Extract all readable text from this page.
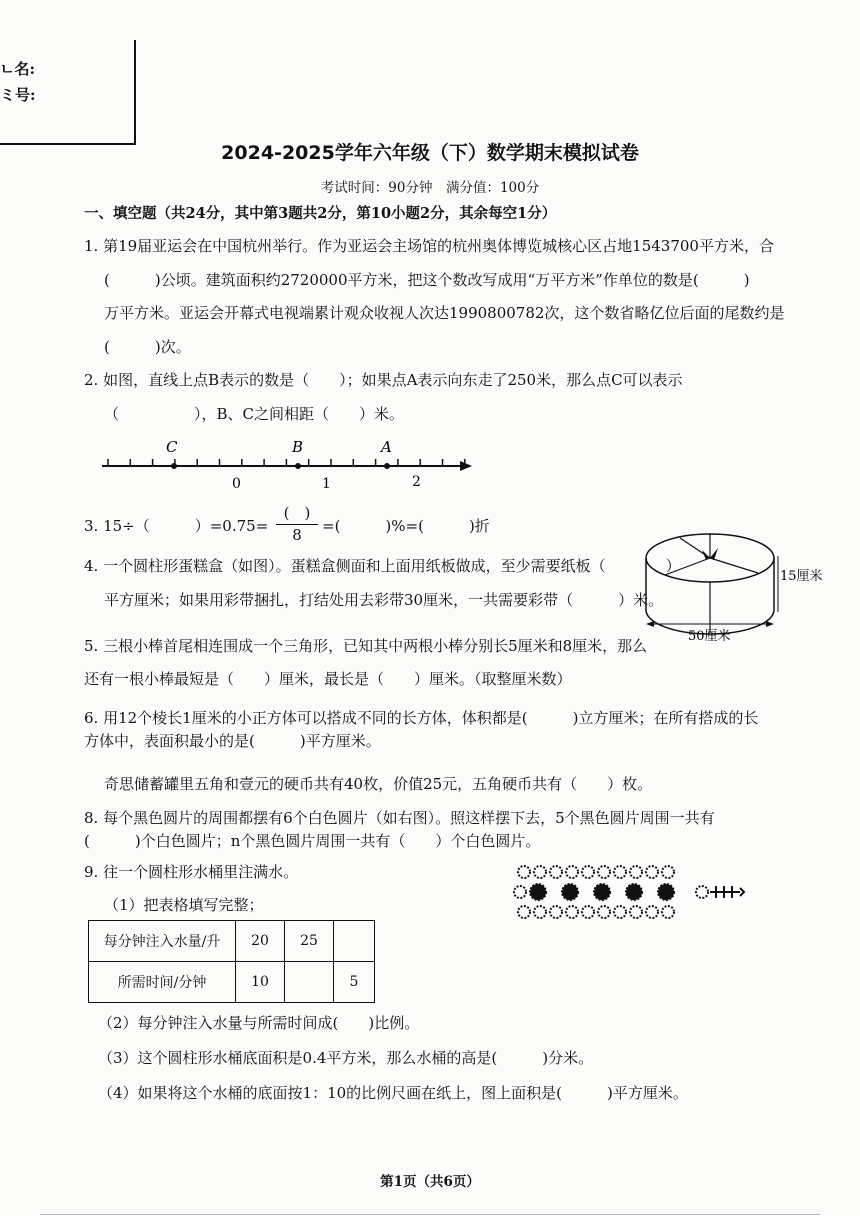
ㄴ名:
ミ号:
2024-2025学年六年级（下）数学期末模拟试卷
考试时间：90分钟　满分值：100分
一、填空题（共24分，其中第3题共2分，第10小题2分，其余每空1分）
1. 第19届亚运会在中国杭州举行。作为亚运会主场馆的杭州奥体博览城核心区占地1543700平方米，合
(　　　)公顷。建筑面积约2720000平方米，把这个数改写成用“万平方米”作单位的数是(　　　)
万平方米。亚运会开幕式电视端累计观众收视人次达1990800782次，这个数省略亿位后面的尾数约是
(　　　)次。
2. 如图，直线上点B表示的数是（　　）；如果点A表示向东走了250米，那么点C可以表示
（　　　　　），B、C之间相距（　　）米。
C	B	A
0	1	2
3. 15÷（　　　）=0.75=
(　)
8	=(　　　)%=(　　　)折
4. 一个圆柱形蛋糕盒（如图）。蛋糕盒侧面和上面用纸板做成，至少需要纸板（　　　　）
平方厘米；如果用彩带捆扎，打结处用去彩带30厘米，一共需要彩带（　　　）米。
15厘米
50厘米
5. 三根小棒首尾相连围成一个三角形，已知其中两根小棒分别长5厘米和8厘米，那么
还有一根小棒最短是（　　）厘米，最长是（　　）厘米。（取整厘米数）
6. 用12个棱长1厘米的小正方体可以搭成不同的长方体，体积都是(　　　)立方厘米；在所有搭成的长
方体中，表面积最小的是(　　　)平方厘米。
奇思储蓄罐里五角和壹元的硬币共有40枚，价值25元，五角硬币共有（　　）枚。
8. 每个黑色圆片的周围都摆有6个白色圆片（如右图）。照这样摆下去，5个黑色圆片周围一共有
(　　　)个白色圆片；n个黑色圆片周围一共有（　　）个白色圆片。
9. 往一个圆柱形水桶里注满水。
（1）把表格填写完整；
每分钟注入水量/升	20	25	
所需时间/分钟	10		5
（2）每分钟注入水量与所需时间成(　　)比例。
（3）这个圆柱形水桶底面积是0.4平方米，那么水桶的高是(　　　)分米。
（4）如果将这个水桶的底面按1：10的比例尺画在纸上，图上面积是(　　　)平方厘米。
第1页（共6页）
